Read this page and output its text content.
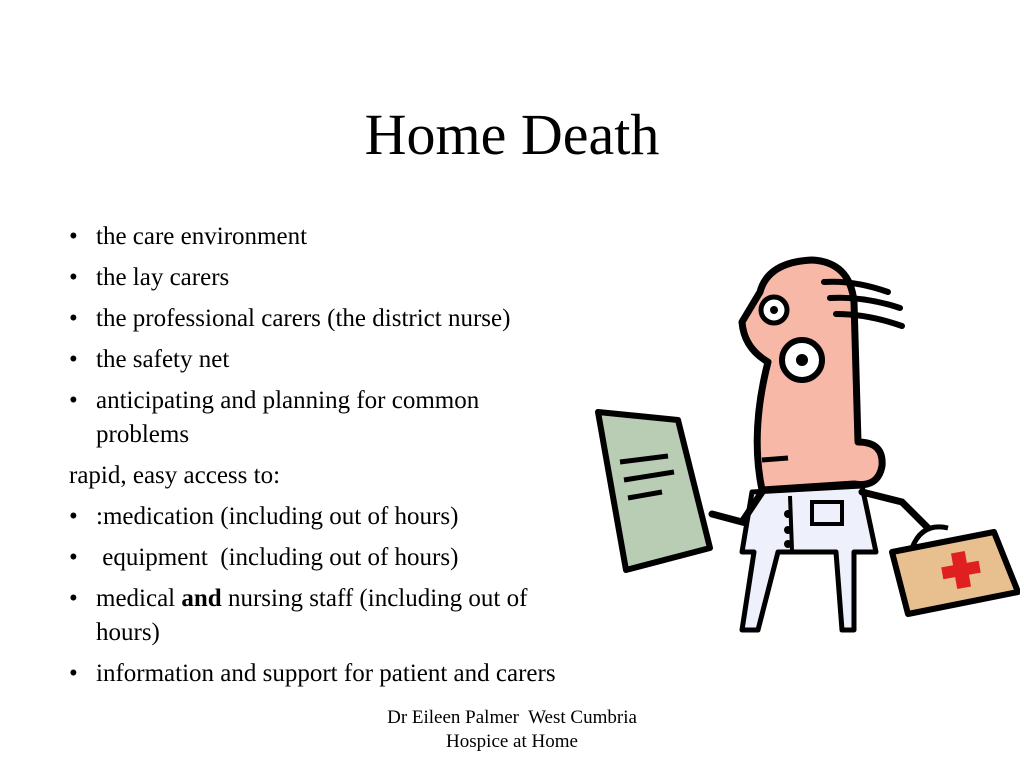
Home Death
• the care environment
• the lay carers
• the professional carers (the district nurse)
• the safety net
• anticipating and planning for common problems
rapid, easy access to:
• :medication (including out of hours)
• equipment  (including out of hours)
• medical and nursing staff (including out of hours)
• information and support for patient and carers
Dr Eileen Palmer  West Cumbria
Hospice at Home
